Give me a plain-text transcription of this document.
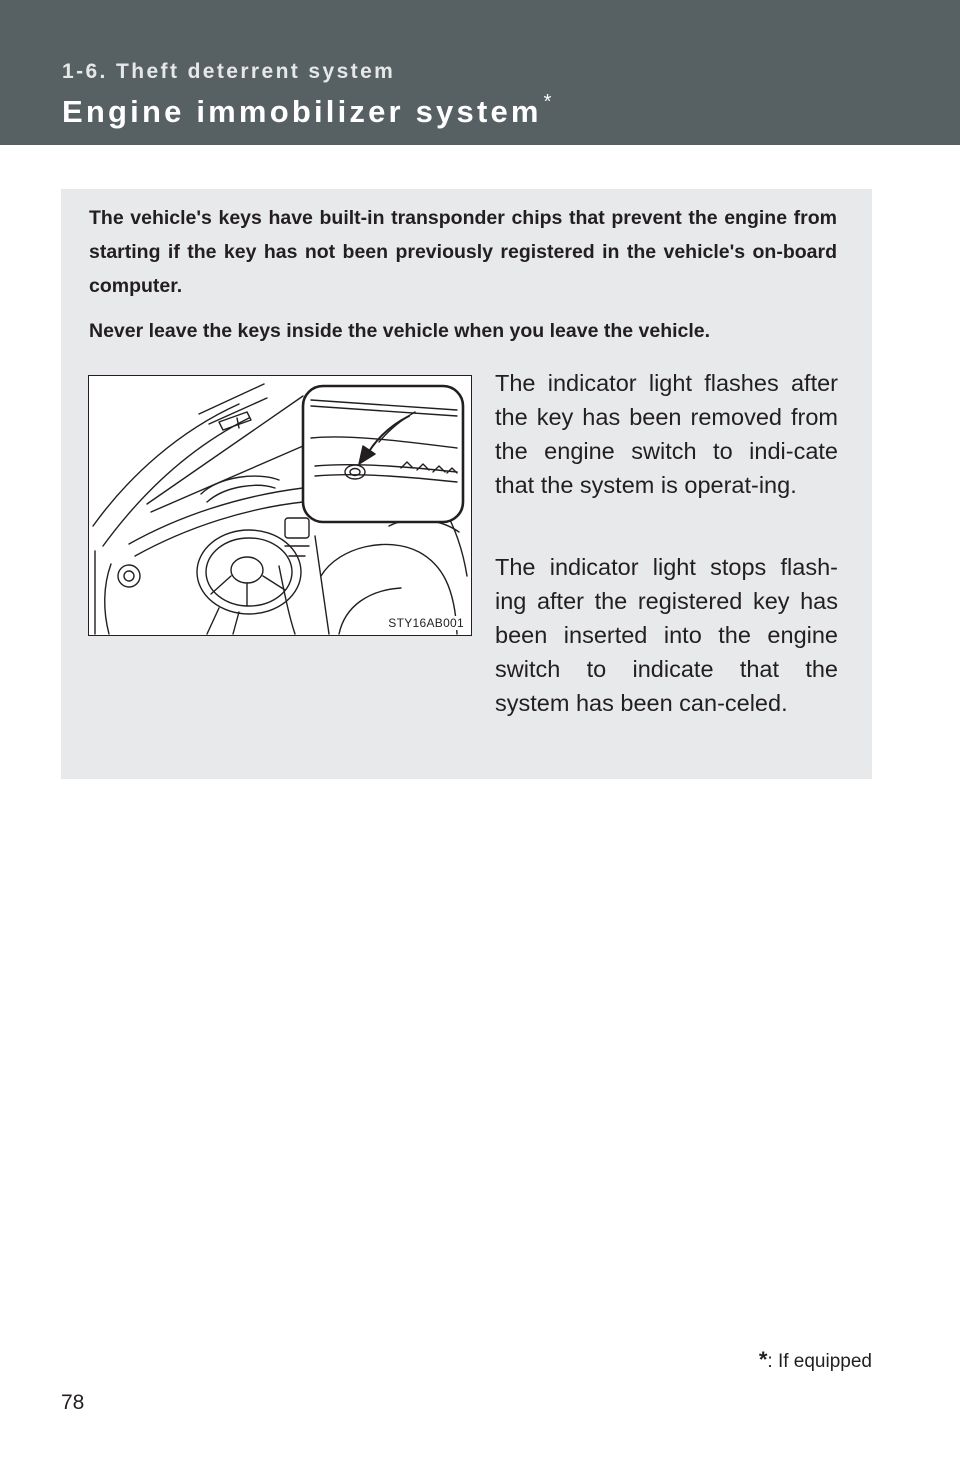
1-6. Theft deterrent system
Engine immobilizer system *

The vehicle's keys have built-in transponder chips that prevent the engine from starting if the key has not been previously registered in the vehicle's on-board computer.

Never leave the keys inside the vehicle when you leave the vehicle.

STY16AB001

The indicator light flashes after the key has been removed from the engine switch to indi-cate that the system is operat-ing.

The indicator light stops flash-ing after the registered key has been inserted into the engine switch to indicate that the system has been can-celed.

*: If equipped
78
